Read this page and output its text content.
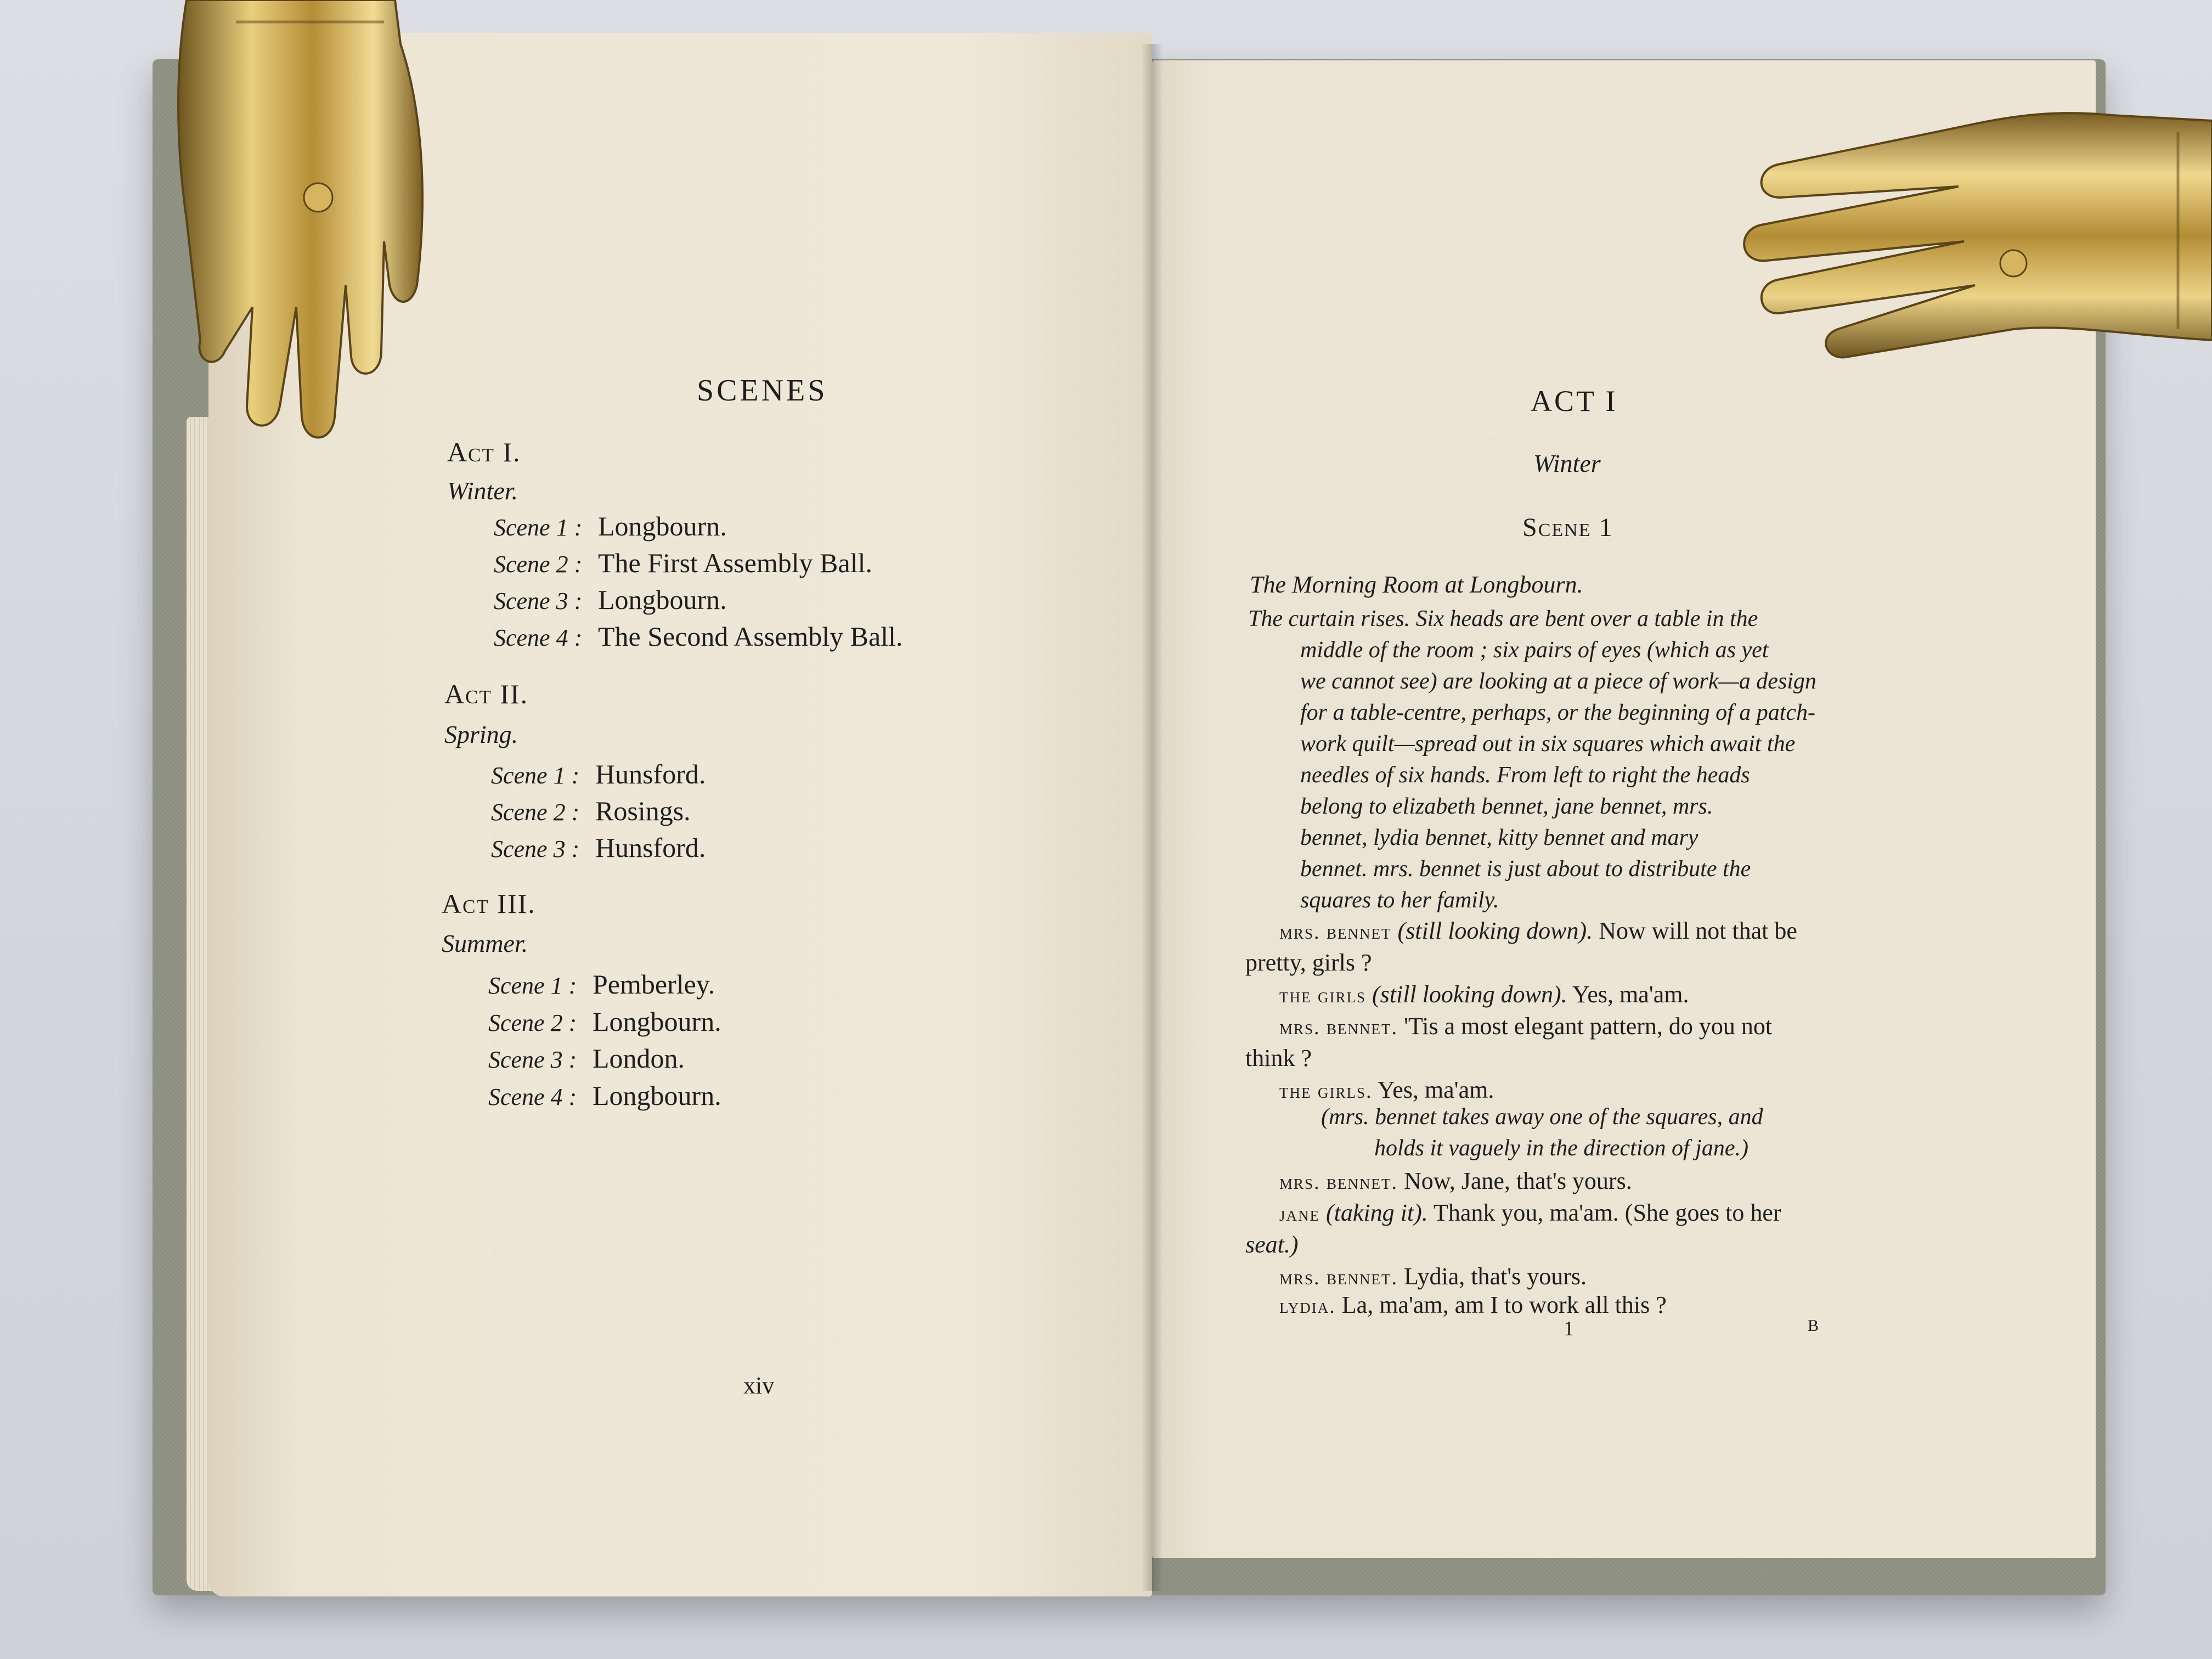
SCENES
Act I.
Winter.
Scene 1 : Longbourn.
Scene 2 : The First Assembly Ball.
Scene 3 : Longbourn.
Scene 4 : The Second Assembly Ball.
Act II.
Spring.
Scene 1 : Hunsford.
Scene 2 : Rosings.
Scene 3 : Hunsford.
Act III.
Summer.
Scene 1 : Pemberley.
Scene 2 : Longbourn.
Scene 3 : London.
Scene 4 : Longbourn.
xiv
ACT I
Winter
Scene 1
The Morning Room at Longbourn.
The curtain rises. Six heads are bent over a table in the
middle of the room ; six pairs of eyes (which as yet
we cannot see) are looking at a piece of work—a design
for a table-centre, perhaps, or the beginning of a patch-
work quilt—spread out in six squares which await the
needles of six hands. From left to right the heads
belong to elizabeth bennet, jane bennet, mrs.
bennet, lydia bennet, kitty bennet and mary
bennet. mrs. bennet is just about to distribute the
squares to her family.
mrs. bennet (still looking down). Now will not that be
pretty, girls ?
the girls (still looking down). Yes, ma'am.
mrs. bennet. 'Tis a most elegant pattern, do you not
think ?
the girls. Yes, ma'am.
(mrs. bennet takes away one of the squares, and
holds it vaguely in the direction of jane.)
mrs. bennet. Now, Jane, that's yours.
jane (taking it). Thank you, ma'am. (She goes to her
seat.)
mrs. bennet. Lydia, that's yours.
lydia. La, ma'am, am I to work all this ?
1	B
